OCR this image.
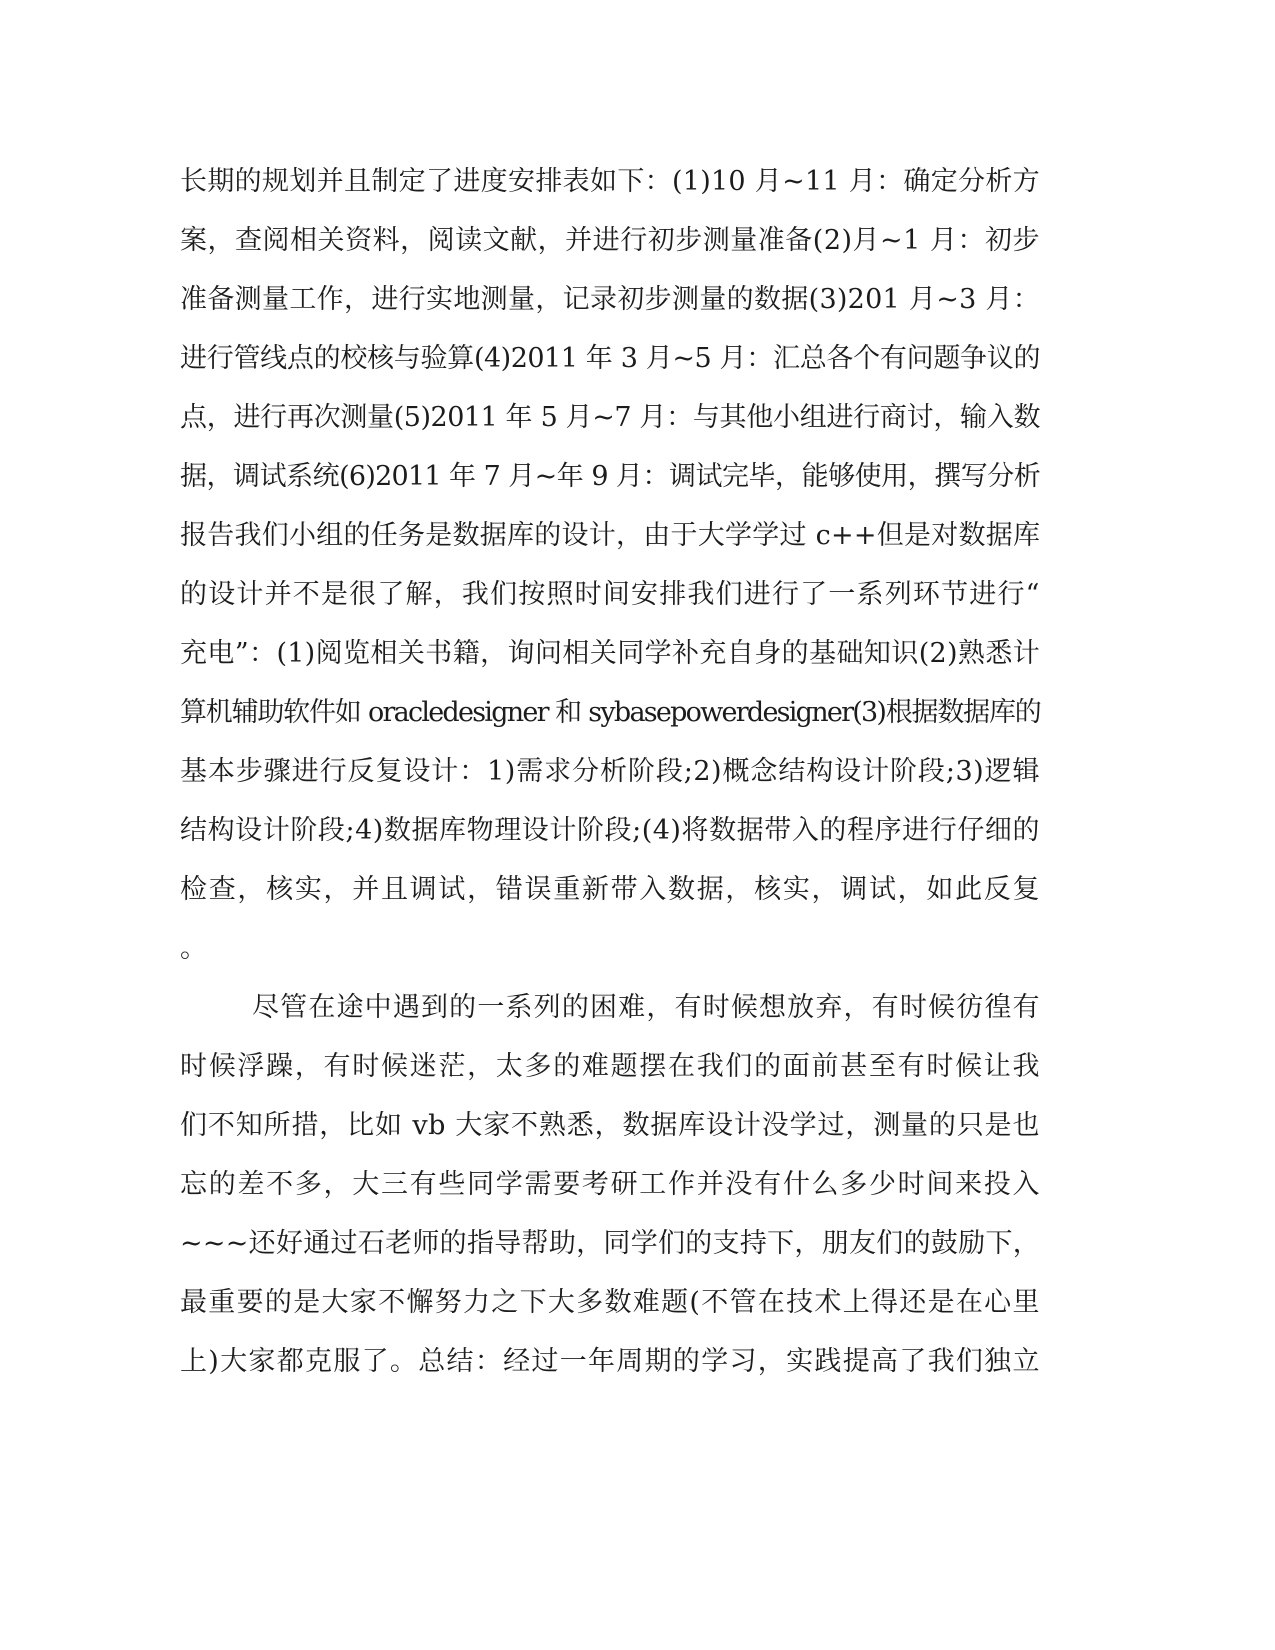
长期的规划并且制定了进度安排表如下：(1)10 月~11 月：确定分析方
案，查阅相关资料，阅读文献，并进行初步测量准备(2)月~1 月：初步
准备测量工作，进行实地测量，记录初步测量的数据(3)201 月~3 月：
进行管线点的校核与验算(4)2011 年 3 月~5 月：汇总各个有问题争议的
点，进行再次测量(5)2011 年 5 月~7 月：与其他小组进行商讨，输入数
据，调试系统(6)2011 年 7 月~年 9 月：调试完毕，能够使用，撰写分析
报告我们小组的任务是数据库的设计，由于大学学过 c++但是对数据库
的设计并不是很了解，我们按照时间安排我们进行了一系列环节进行“
充电”：(1)阅览相关书籍，询问相关同学补充自身的基础知识(2)熟悉计
算机辅助软件如 oracledesigner 和 sybasepowerdesigner(3)根据数据库的
基本步骤进行反复设计：1)需求分析阶段;2)概念结构设计阶段;3)逻辑
结构设计阶段;4)数据库物理设计阶段;(4)将数据带入的程序进行仔细的
检查，核实，并且调试，错误重新带入数据，核实，调试，如此反复
。
尽管在途中遇到的一系列的困难，有时候想放弃，有时候彷徨有
时候浮躁，有时候迷茫，太多的难题摆在我们的面前甚至有时候让我
们不知所措，比如 vb 大家不熟悉，数据库设计没学过，测量的只是也
忘的差不多，大三有些同学需要考研工作并没有什么多少时间来投入
~~~还好通过石老师的指导帮助，同学们的支持下，朋友们的鼓励下，
最重要的是大家不懈努力之下大多数难题(不管在技术上得还是在心里
上)大家都克服了。总结：经过一年周期的学习，实践提高了我们独立
